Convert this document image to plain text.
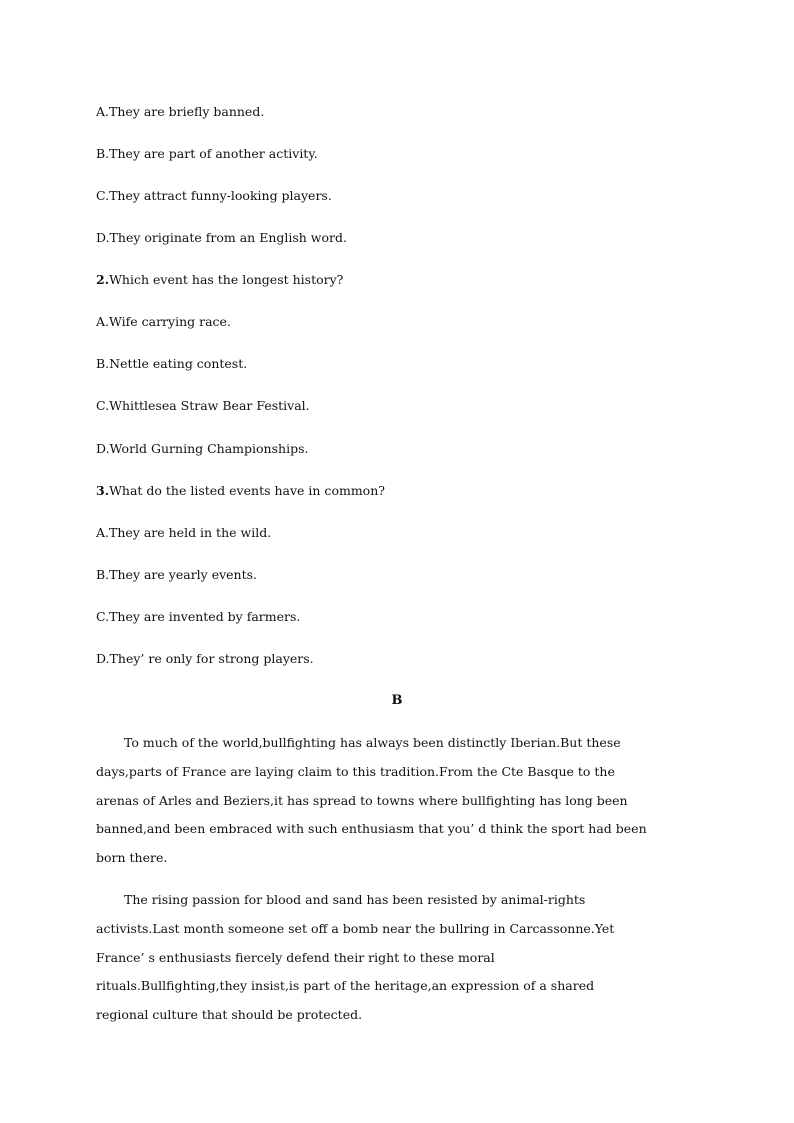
A.They are briefly banned.
B.They are part of another activity.
C.They attract funny-looking players.
D.They originate from an English word.
2.Which event has the longest history?
A.Wife carrying race.
B.Nettle eating contest.
C.Whittlesea Straw Bear Festival.
D.World Gurning Championships.
3.What do the listed events have in common?
A.They are held in the wild.
B.They are yearly events.
C.They are invented by farmers.
D.They’ re only for strong players.
B
To much of the world,bullfighting has always been distinctly Iberian.But these
days,parts of France are laying claim to this tradition.From the Cte Basque to the
arenas of Arles and Beziers,it has spread to towns where bullfighting has long been
banned,and been embraced with such enthusiasm that you’ d think the sport had been
born there.
The rising passion for blood and sand has been resisted by animal-rights
activists.Last month someone set off a bomb near the bullring in Carcassonne.Yet
France’ s enthusiasts fiercely defend their right to these moral
rituals.Bullfighting,they insist,is part of the heritage,an expression of a shared
regional culture that should be protected.
